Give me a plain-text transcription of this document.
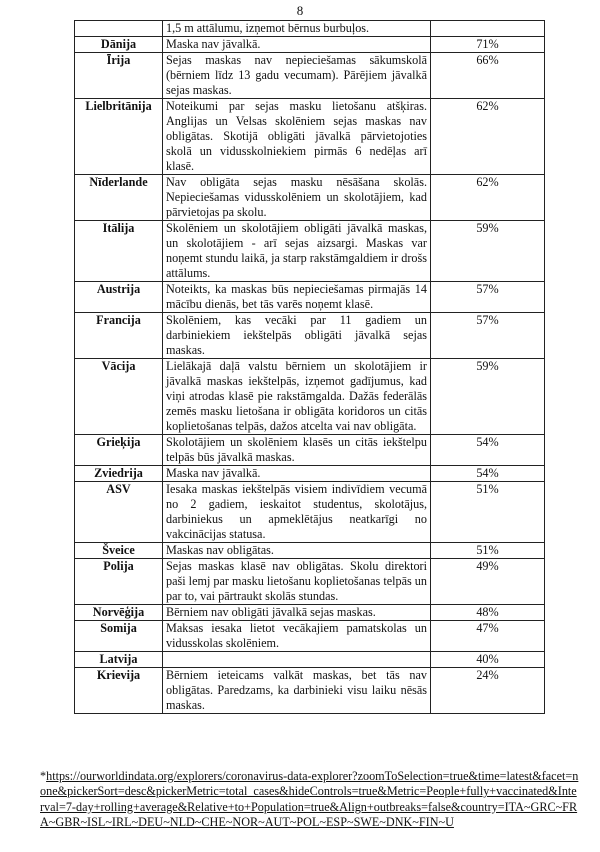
8
	1,5 m attālumu, izņemot bērnus burbuļos.	
Dānija	Maska nav jāvalkā.	71%
Īrija	Sejas maskas nav nepieciešamas sākumskolā (bērniem līdz 13 gadu vecumam). Pārējiem jāvalkā sejas maskas.	66%
Lielbritānija	Noteikumi par sejas masku lietošanu atšķiras. Anglijas un Velsas skolēniem sejas maskas nav obligātas. Skotijā obligāti jāvalkā pārvietojoties skolā un vidusskolniekiem pirmās 6 nedēļas arī klasē.	62%
Nīderlande	Nav obligāta sejas masku nēsāšana skolās. Nepieciešamas vidusskolēniem un skolotājiem, kad pārvietojas pa skolu.	62%
Itālija	Skolēniem un skolotājiem obligāti jāvalkā maskas, un skolotājiem - arī sejas aizsargi. Maskas var noņemt stundu laikā, ja starp rakstāmgaldiem ir drošs attālums.	59%
Austrija	Noteikts, ka maskas būs nepieciešamas pirmajās 14 mācību dienās, bet tās varēs noņemt klasē.	57%
Francija	Skolēniem, kas vecāki par 11 gadiem un darbiniekiem iekštelpās obligāti jāvalkā sejas maskas.	57%
Vācija	Lielākajā daļā valstu bērniem un skolotājiem ir jāvalkā maskas iekštelpās, izņemot gadījumus, kad viņi atrodas klasē pie rakstāmgalda. Dažās federālās zemēs masku lietošana ir obligāta koridoros un citās koplietošanas telpās, dažos atcelta vai nav obligāta.	59%
Grieķija	Skolotājiem un skolēniem klasēs un citās iekštelpu telpās būs jāvalkā maskas.	54%
Zviedrija	Maska nav jāvalkā.	54%
ASV	Iesaka maskas iekštelpās visiem indivīdiem vecumā no 2 gadiem, ieskaitot studentus, skolotājus, darbiniekus un apmeklētājus neatkarīgi no vakcinācijas statusa.	51%
Šveice	Maskas nav obligātas.	51%
Polija	Sejas maskas klasē nav obligātas. Skolu direktori paši lemj par masku lietošanu koplietošanas telpās un par to, vai pārtraukt skolās stundas.	49%
Norvēģija	Bērniem nav obligāti jāvalkā sejas maskas.	48%
Somija	Maksas iesaka lietot vecākajiem pamatskolas un vidusskolas skolēniem.	47%
Latvija		40%
Krievija	Bērniem ieteicams valkāt maskas, bet tās nav obligātas. Paredzams, ka darbinieki visu laiku nēsās maskas.	24%
*https://ourworldindata.org/explorers/coronavirus-data-explorer?zoomToSelection=true&time=latest&facet=none&pickerSort=desc&pickerMetric=total_cases&hideControls=true&Metric=People+fully+vaccinated&Interval=7-day+rolling+average&Relative+to+Population=true&Align+outbreaks=false&country=ITA~GRC~FRA~GBR~ISL~IRL~DEU~NLD~CHE~NOR~AUT~POL~ESP~SWE~DNK~FIN~U
